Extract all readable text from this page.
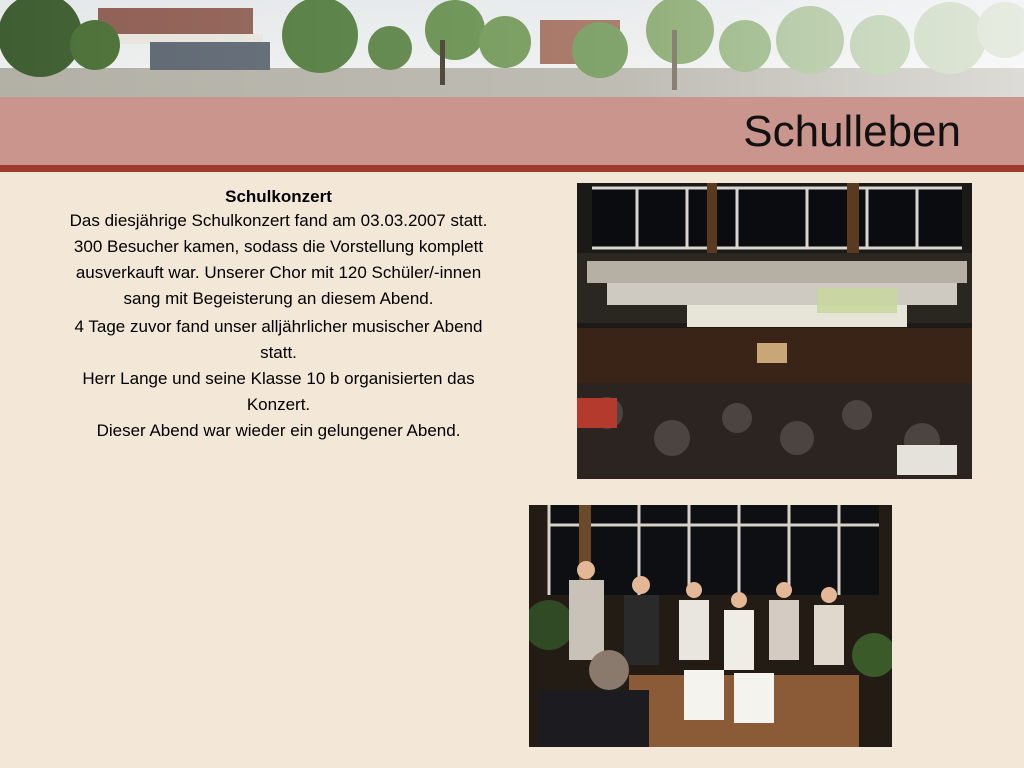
Schulleben
Schulkonzert

Das diesjährige Schulkonzert fand am 03.03.2007 statt. 300 Besucher kamen, sodass die Vorstellung komplett ausverkauft war. Unserer Chor mit 120 Schüler/-innen sang mit Begeisterung an diesem Abend.

4 Tage zuvor fand unser alljährlicher musischer Abend statt.

Herr Lange und seine Klasse 10 b organisierten das Konzert.

Dieser Abend war wieder ein gelungener Abend.
